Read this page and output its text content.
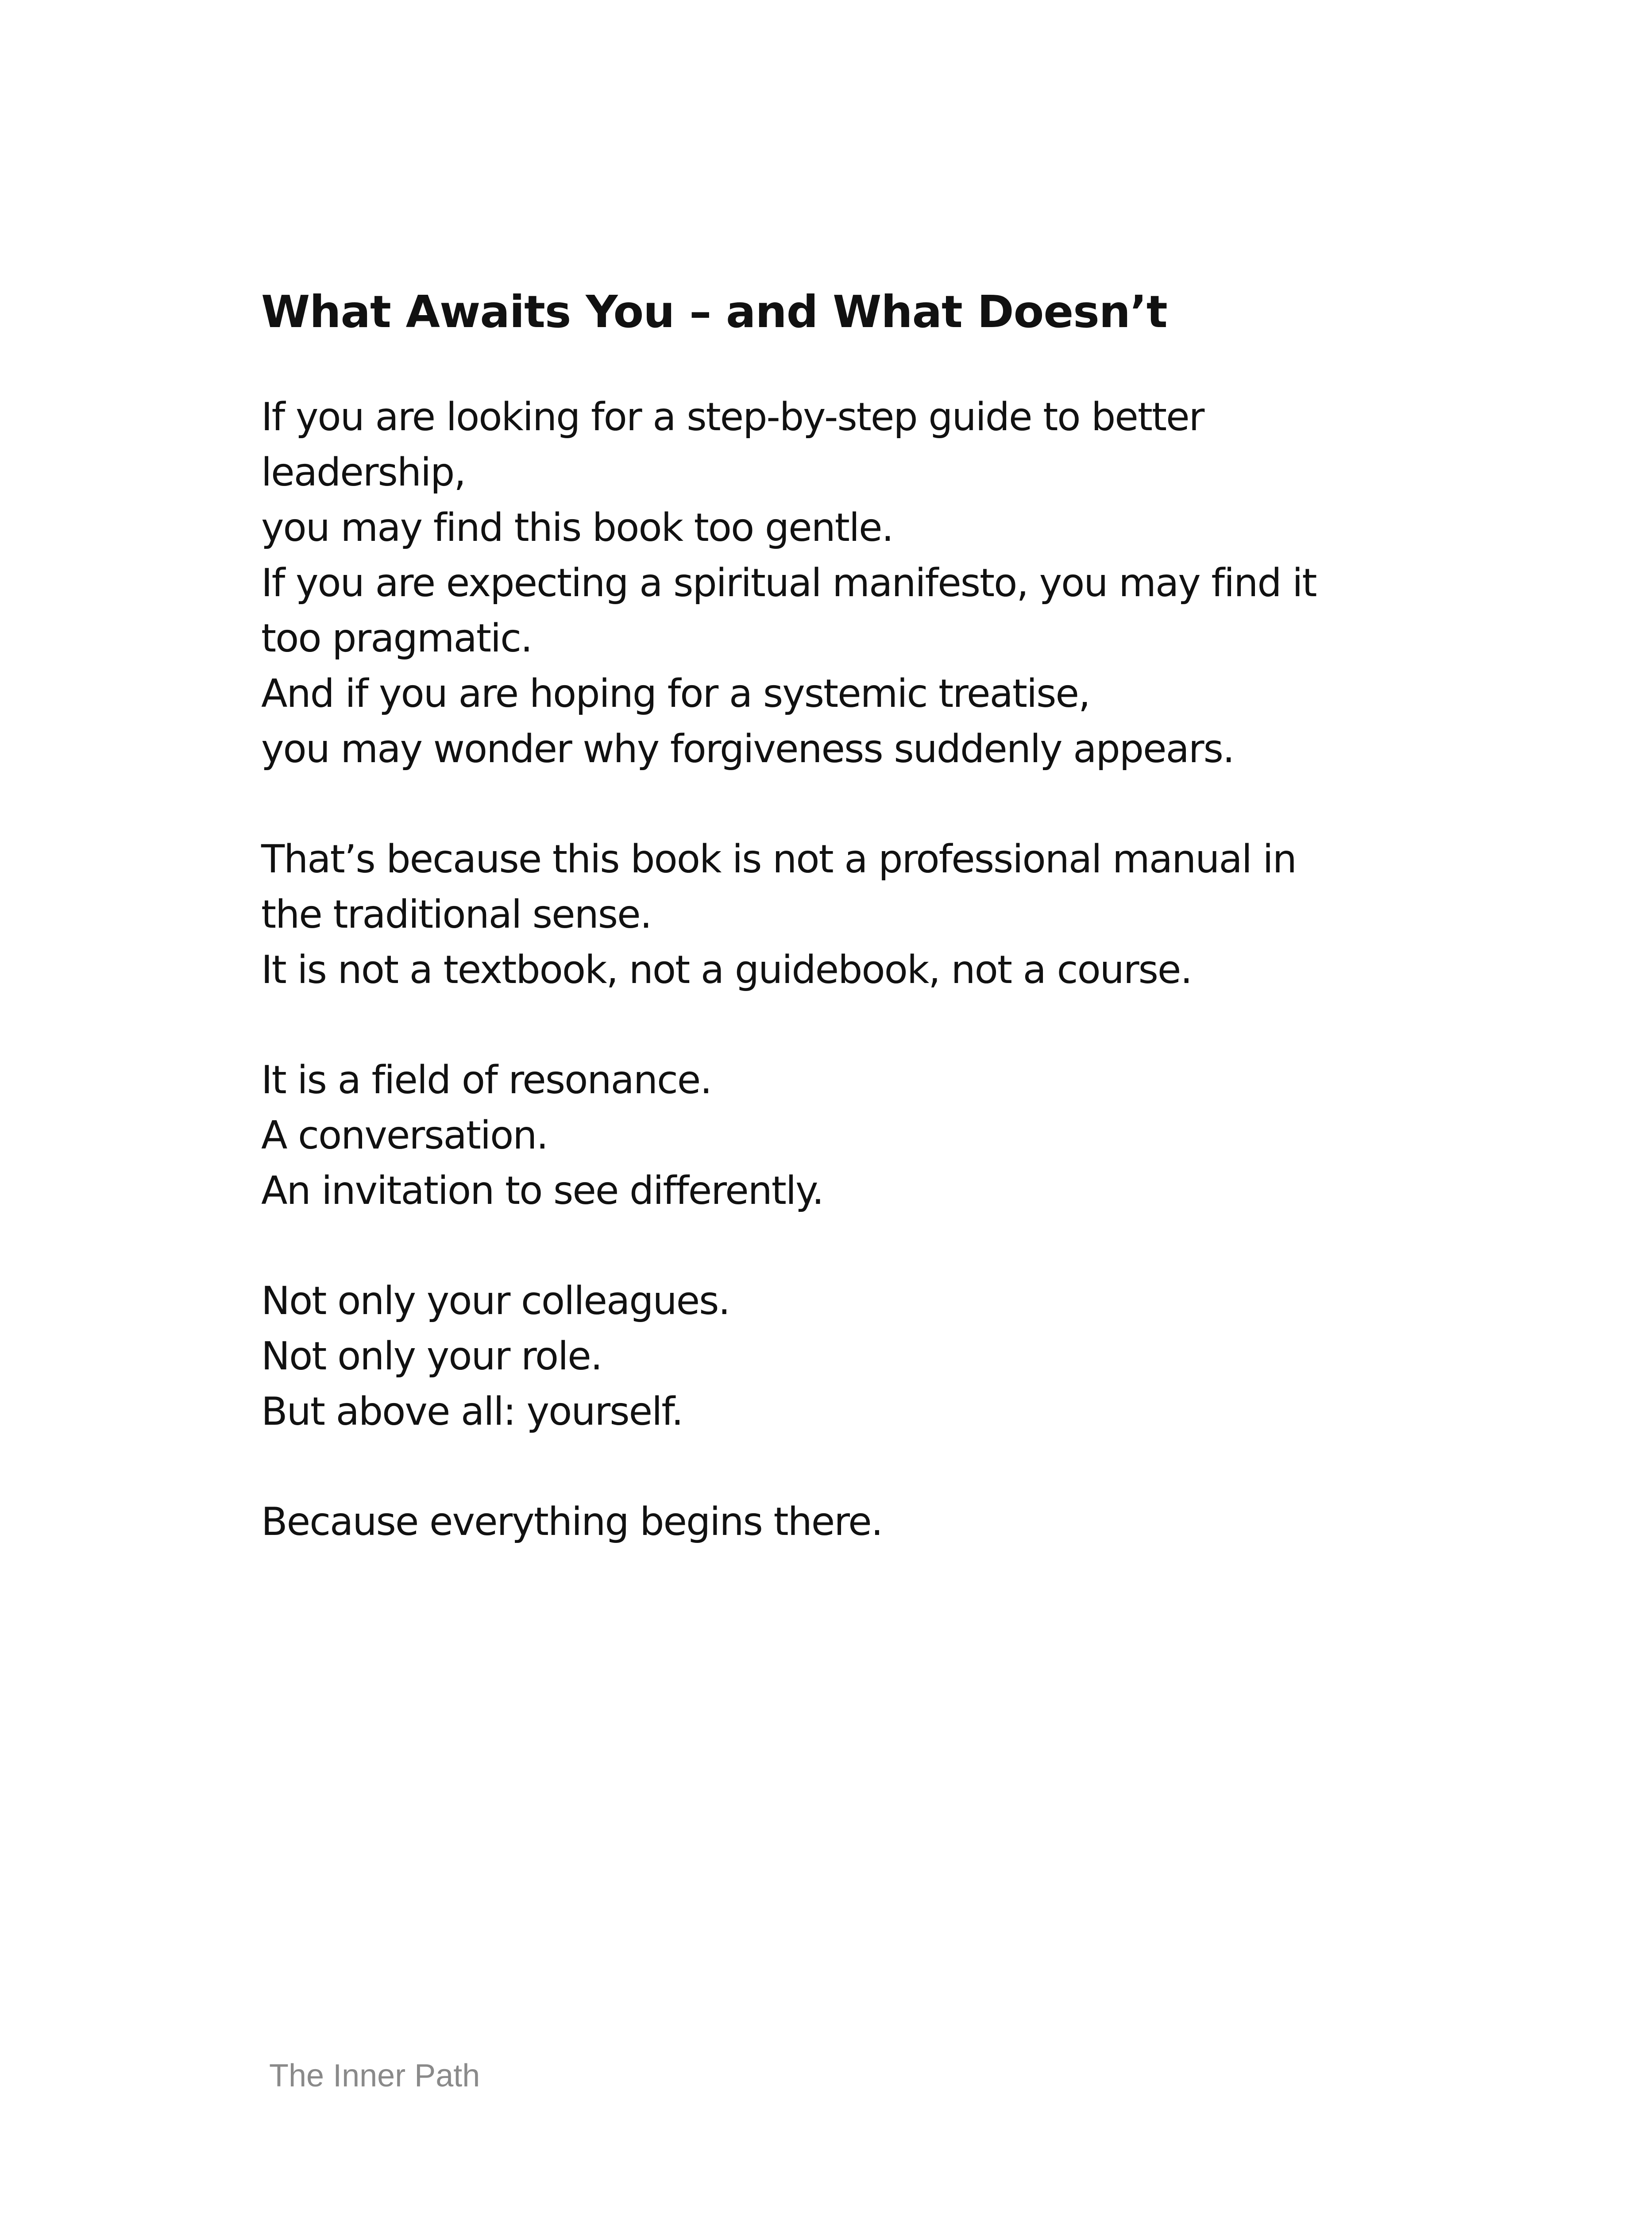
What Awaits You – and What Doesn’t
If you are looking for a step-by-step guide to better
leadership,
you may find this book too gentle.
If you are expecting a spiritual manifesto, you may find it
too pragmatic.
And if you are hoping for a systemic treatise,
you may wonder why forgiveness suddenly appears.
That’s because this book is not a professional manual in
the traditional sense.
It is not a textbook, not a guidebook, not a course.
It is a field of resonance.
A conversation.
An invitation to see differently.
Not only your colleagues.
Not only your role.
But above all: yourself.
Because everything begins there.
The Inner Path
